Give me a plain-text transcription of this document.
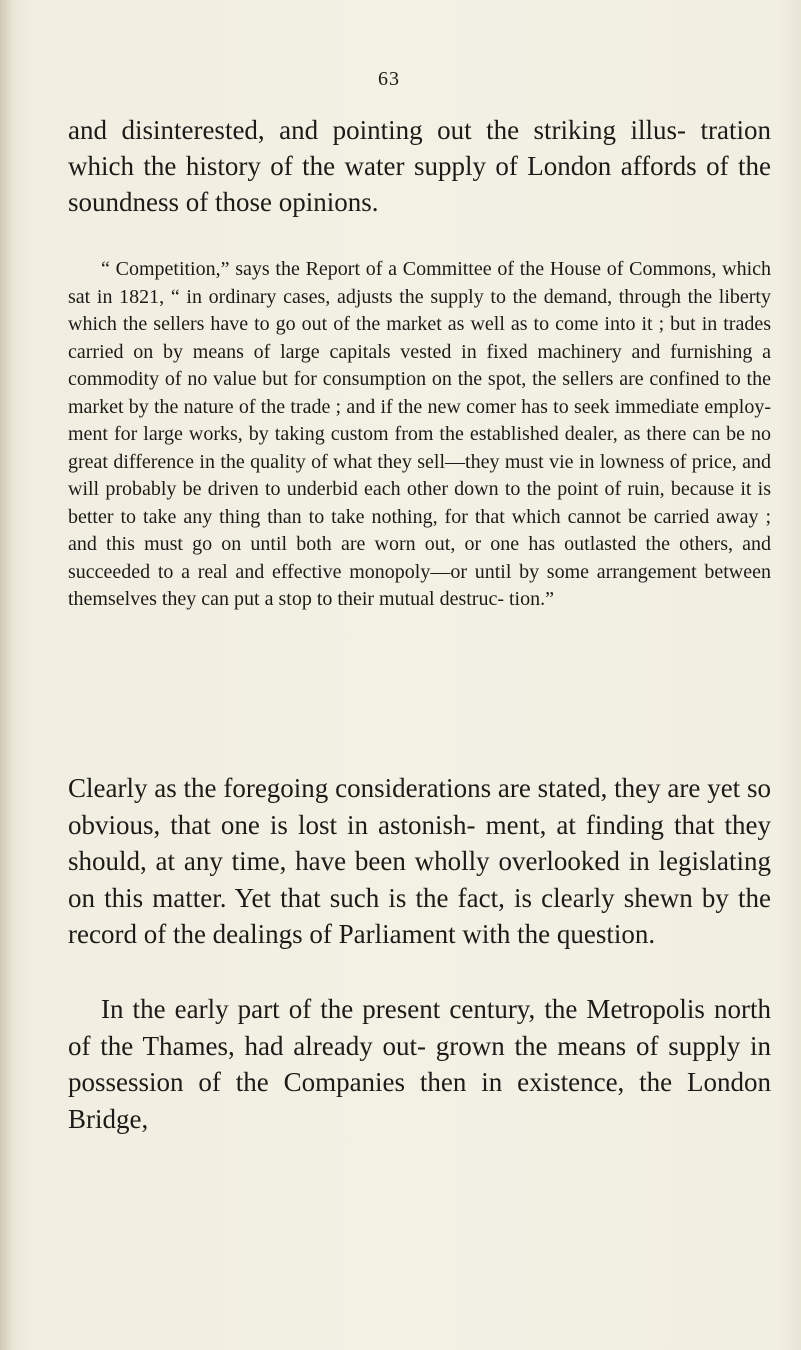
63

and disinterested, and pointing out the striking illus- tration which the history of the water supply of London affords of the soundness of those opinions.

“ Competition,” says the Report of a Committee of the House of Commons, which sat in 1821, “ in ordinary cases, adjusts the supply to the demand, through the liberty which the sellers have to go out of the market as well as to come into it ; but in trades carried on by means of large capitals vested in fixed machinery and furnishing a commodity of no value but for consumption on the spot, the sellers are confined to the market by the nature of the trade ; and if the new comer has to seek immediate employ- ment for large works, by taking custom from the established dealer, as there can be no great difference in the quality of what they sell—they must vie in lowness of price, and will probably be driven to underbid each other down to the point of ruin, because it is better to take any thing than to take nothing, for that which cannot be carried away ; and this must go on until both are worn out, or one has outlasted the others, and succeeded to a real and effective monopoly—or until by some arrangement between themselves they can put a stop to their mutual destruc- tion.”

Clearly as the foregoing considerations are stated, they are yet so obvious, that one is lost in astonish- ment, at finding that they should, at any time, have been wholly overlooked in legislating on this matter. Yet that such is the fact, is clearly shewn by the record of the dealings of Parliament with the question.

In the early part of the present century, the Metropolis north of the Thames, had already out- grown the means of supply in possession of the Companies then in existence, the London Bridge,
